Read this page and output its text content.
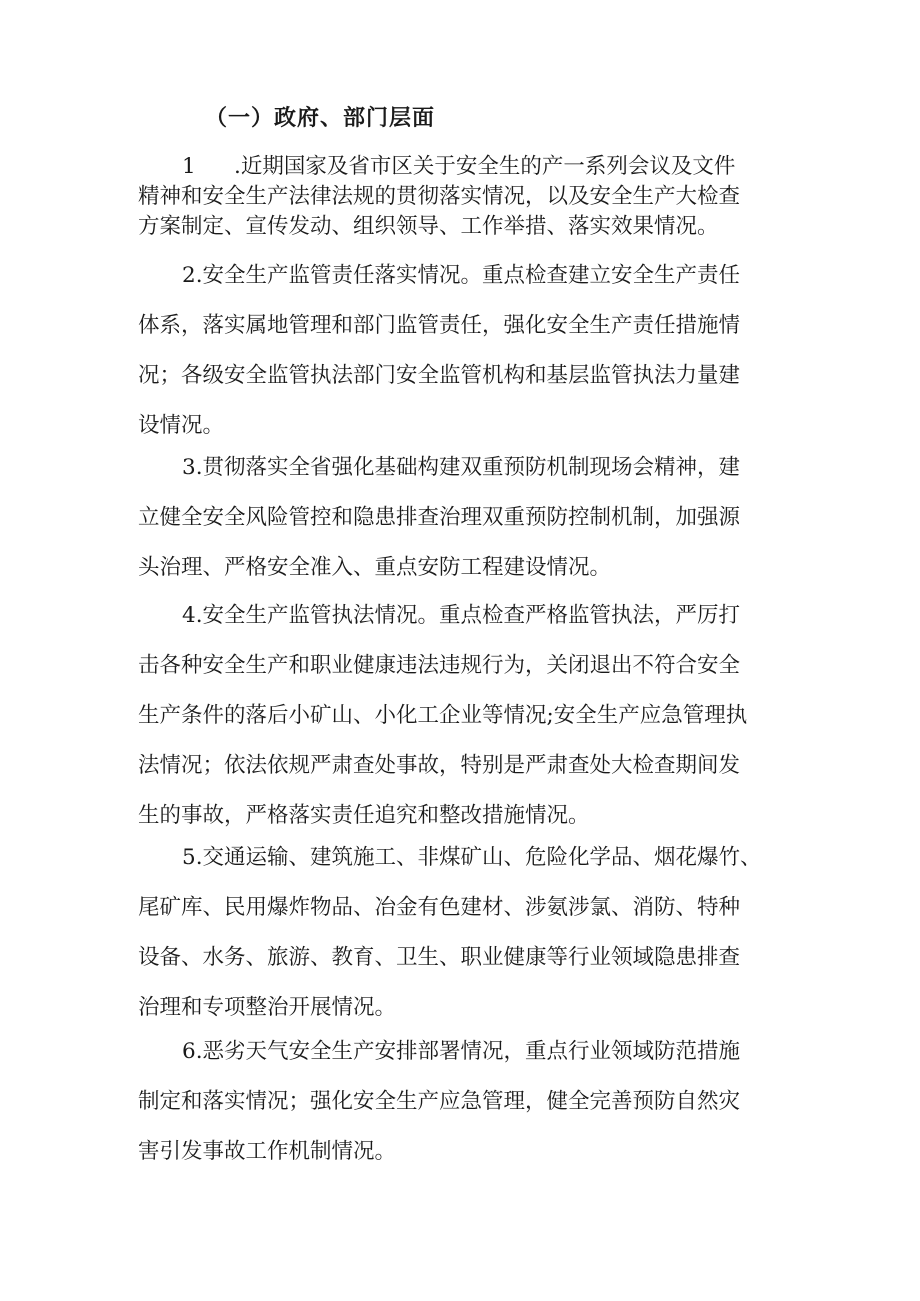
（一）政府、部门层面
1 .近期国家及省市区关于安全生的产一系列会议及文件
精神和安全生产法律法规的贯彻落实情况，以及安全生产大检查
方案制定、宣传发动、组织领导、工作举措、落实效果情况。
2.安全生产监管责任落实情况。重点检查建立安全生产责任
体系，落实属地管理和部门监管责任，强化安全生产责任措施情
况；各级安全监管执法部门安全监管机构和基层监管执法力量建
设情况。
3.贯彻落实全省强化基础构建双重预防机制现场会精神，建
立健全安全风险管控和隐患排查治理双重预防控制机制，加强源
头治理、严格安全准入、重点安防工程建设情况。
4.安全生产监管执法情况。重点检查严格监管执法，严厉打
击各种安全生产和职业健康违法违规行为，关闭退出不符合安全
生产条件的落后小矿山、小化工企业等情况;安全生产应急管理执
法情况；依法依规严肃查处事故，特别是严肃查处大检查期间发
生的事故，严格落实责任追究和整改措施情况。
5.交通运输、建筑施工、非煤矿山、危险化学品、烟花爆竹、
尾矿库、民用爆炸物品、冶金有色建材、涉氨涉氯、消防、特种
设备、水务、旅游、教育、卫生、职业健康等行业领域隐患排查
治理和专项整治开展情况。
6.恶劣天气安全生产安排部署情况，重点行业领域防范措施
制定和落实情况；强化安全生产应急管理，健全完善预防自然灾
害引发事故工作机制情况。
